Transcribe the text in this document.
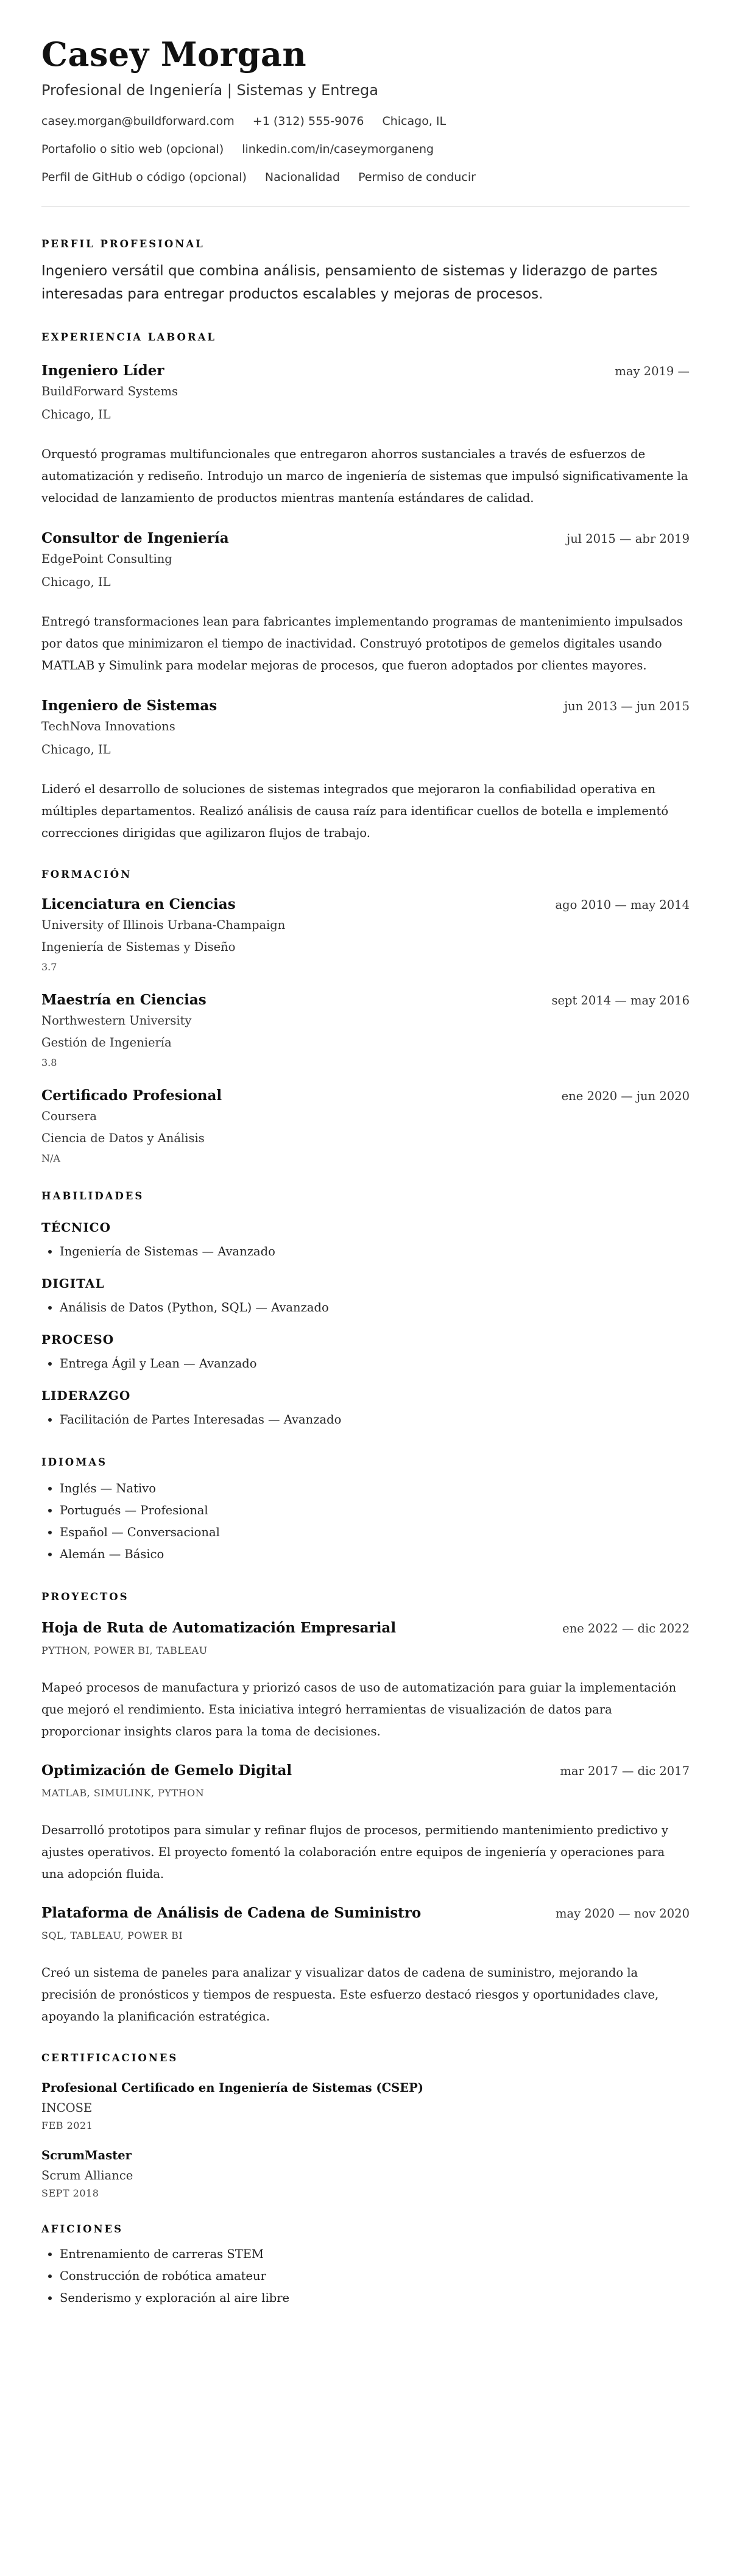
Casey Morgan
Profesional de Ingeniería | Sistemas y Entrega
casey.morgan@buildforward.com +1 (312) 555-9076 Chicago, IL
Portafolio o sitio web (opcional) linkedin.com/in/caseymorganeng
Perfil de GitHub o código (opcional) Nacionalidad Permiso de conducir
PERFIL PROFESIONAL

Ingeniero versátil que combina análisis, pensamiento de sistemas y liderazgo de partes interesadas para entregar productos escalables y mejoras de procesos.

EXPERIENCIA LABORAL
Ingeniero Líder	may 2019 —
BuildForward Systems
Chicago, IL

Orquestó programas multifuncionales que entregaron ahorros sustanciales a través de esfuerzos de automatización y rediseño. Introdujo un marco de ingeniería de sistemas que impulsó significativamente la velocidad de lanzamiento de productos mientras mantenía estándares de calidad.

Consultor de Ingeniería	jul 2015 — abr 2019
EdgePoint Consulting
Chicago, IL

Entregó transformaciones lean para fabricantes implementando programas de mantenimiento impulsados por datos que minimizaron el tiempo de inactividad. Construyó prototipos de gemelos digitales usando MATLAB y Simulink para modelar mejoras de procesos, que fueron adoptados por clientes mayores.

Ingeniero de Sistemas	jun 2013 — jun 2015
TechNova Innovations
Chicago, IL

Lideró el desarrollo de soluciones de sistemas integrados que mejoraron la confiabilidad operativa en múltiples departamentos. Realizó análisis de causa raíz para identificar cuellos de botella e implementó correcciones dirigidas que agilizaron flujos de trabajo.

FORMACIÓN
Licenciatura en Ciencias	ago 2010 — may 2014
University of Illinois Urbana-Champaign
Ingeniería de Sistemas y Diseño
3.7
Maestría en Ciencias	sept 2014 — may 2016
Northwestern University
Gestión de Ingeniería
3.8
Certificado Profesional	ene 2020 — jun 2020
Coursera
Ciencia de Datos y Análisis
N/A
HABILIDADES
TÉCNICO
• Ingeniería de Sistemas — Avanzado
DIGITAL
• Análisis de Datos (Python, SQL) — Avanzado
PROCESO
• Entrega Ágil y Lean — Avanzado
LIDERAZGO
• Facilitación de Partes Interesadas — Avanzado
IDIOMAS
• Inglés — Nativo
• Portugués — Profesional
• Español — Conversacional
• Alemán — Básico
PROYECTOS
Hoja de Ruta de Automatización Empresarial	ene 2022 — dic 2022
PYTHON, POWER BI, TABLEAU

Mapeó procesos de manufactura y priorizó casos de uso de automatización para guiar la implementación que mejoró el rendimiento. Esta iniciativa integró herramientas de visualización de datos para proporcionar insights claros para la toma de decisiones.

Optimización de Gemelo Digital	mar 2017 — dic 2017
MATLAB, SIMULINK, PYTHON

Desarrolló prototipos para simular y refinar flujos de procesos, permitiendo mantenimiento predictivo y ajustes operativos. El proyecto fomentó la colaboración entre equipos de ingeniería y operaciones para una adopción fluida.

Plataforma de Análisis de Cadena de Suministro	may 2020 — nov 2020
SQL, TABLEAU, POWER BI

Creó un sistema de paneles para analizar y visualizar datos de cadena de suministro, mejorando la precisión de pronósticos y tiempos de respuesta. Este esfuerzo destacó riesgos y oportunidades clave, apoyando la planificación estratégica.

CERTIFICACIONES
Profesional Certificado en Ingeniería de Sistemas (CSEP)
INCOSE
FEB 2021
ScrumMaster
Scrum Alliance
SEPT 2018
AFICIONES
• Entrenamiento de carreras STEM
• Construcción de robótica amateur
• Senderismo y exploración al aire libre
